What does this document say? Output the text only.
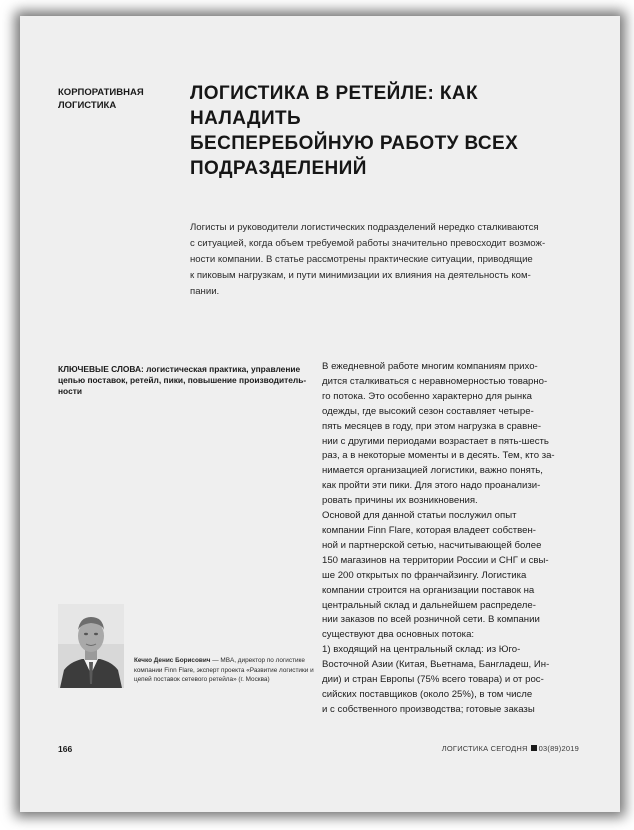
КОРПОРАТИВНАЯ
ЛОГИСТИКА
ЛОГИСТИКА В РЕТЕЙЛЕ: КАК НАЛАДИТЬ
БЕСПЕРЕБОЙНУЮ РАБОТУ ВСЕХ
ПОДРАЗДЕЛЕНИЙ
Логисты и руководители логистических подразделений нередко сталкиваются
с ситуацией, когда объем требуемой работы значительно превосходит возмож-
ности компании. В статье рассмотрены практические ситуации, приводящие
к пиковым нагрузкам, и пути минимизации их влияния на деятельность ком-
пании.
КЛЮЧЕВЫЕ СЛОВА: логистическая практика, управление цепью поставок, ретейл, пики, повышение производитель-ности
В ежедневной работе многим компаниям прихо-
дится сталкиваться с неравномерностью товарно-
го потока. Это особенно характерно для рынка
одежды, где высокий сезон составляет четыре-
пять месяцев в году, при этом нагрузка в сравне-
нии с другими периодами возрастает в пять-шесть
раз, а в некоторые моменты и в десять. Тем, кто за-
нимается организацией логистики, важно понять,
как пройти эти пики. Для этого надо проанализи-
ровать причины их возникновения.
Основой для данной статьи послужил опыт
компании Finn Flare, которая владеет собствен-
ной и партнерской сетью, насчитывающей более
150 магазинов на территории России и СНГ и свы-
ше 200 открытых по франчайзингу. Логистика
компании строится на организации поставок на
центральный склад и дальнейшем распределе-
нии заказов по всей розничной сети. В компании
существуют два основных потока:
1) входящий на центральный склад: из Юго-
Восточной Азии (Китая, Вьетнама, Бангладеш, Ин-
дии) и стран Европы (75% всего товара) и от рос-
сийских поставщиков (около 25%), в том числе
и с собственного производства; готовые заказы
Кечко Денис Борисович — MBA, директор по логистике компании Finn Flare, эксперт проекта «Развитие логистики и цепей поставок сетевого ретейла» (г. Москва)
166	ЛОГИСТИКА СЕГОДНЯ 03(89)2019
